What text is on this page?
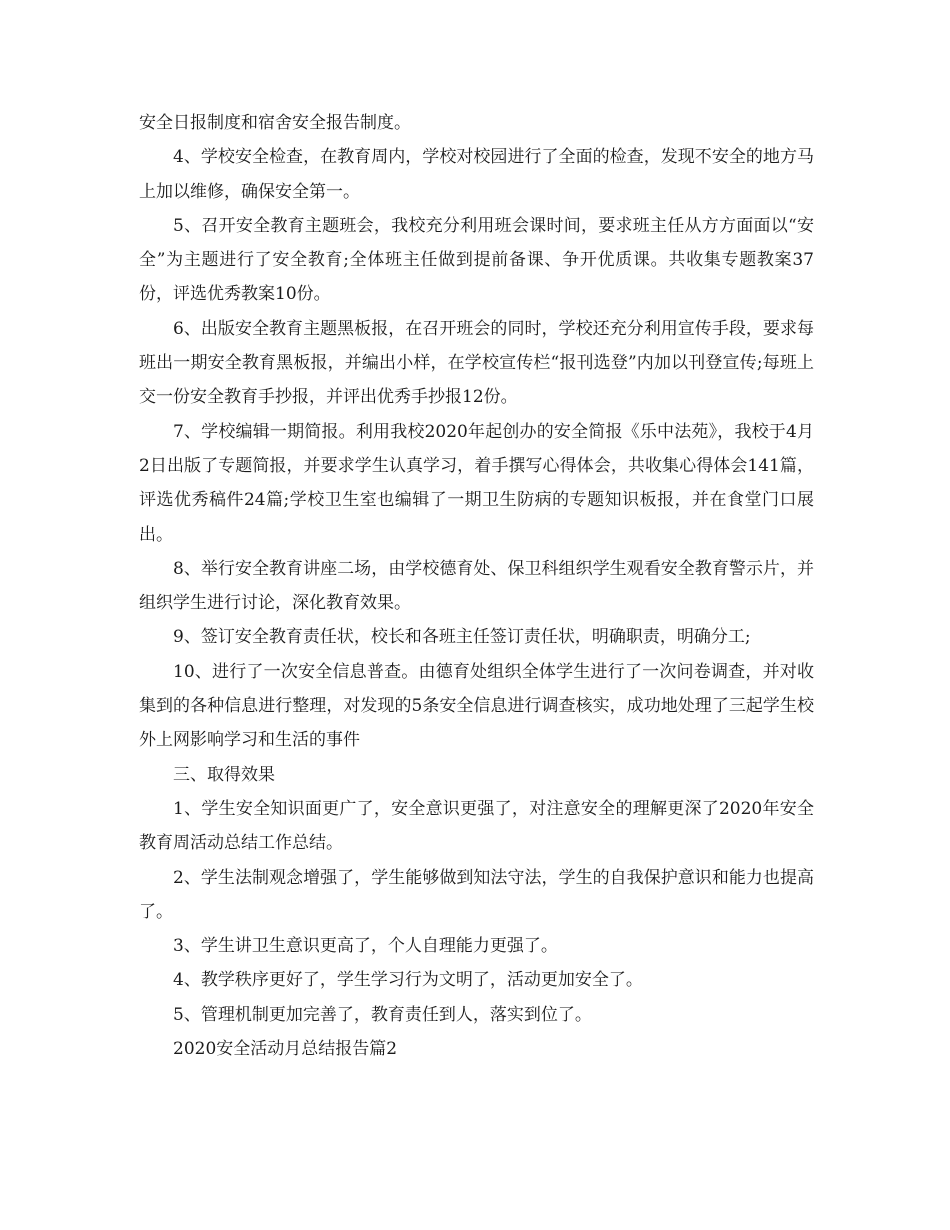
安全日报制度和宿舍安全报告制度。

4、学校安全检查，在教育周内，学校对校园进行了全面的检查，发现不安全的地方马上加以维修，确保安全第一。

5、召开安全教育主题班会，我校充分利用班会课时间，要求班主任从方方面面以“安全”为主题进行了安全教育;全体班主任做到提前备课、争开优质课。共收集专题教案37份，评选优秀教案10份。

6、出版安全教育主题黑板报，在召开班会的同时，学校还充分利用宣传手段，要求每班出一期安全教育黑板报，并编出小样，在学校宣传栏“报刊选登”内加以刊登宣传;每班上交一份安全教育手抄报，并评出优秀手抄报12份。

7、学校编辑一期简报。利用我校2020年起创办的安全简报《乐中法苑》，我校于4月2日出版了专题简报，并要求学生认真学习，着手撰写心得体会，共收集心得体会141篇，评选优秀稿件24篇;学校卫生室也编辑了一期卫生防病的专题知识板报，并在食堂门口展出。

8、举行安全教育讲座二场，由学校德育处、保卫科组织学生观看安全教育警示片，并组织学生进行讨论，深化教育效果。

9、签订安全教育责任状，校长和各班主任签订责任状，明确职责，明确分工;

10、进行了一次安全信息普查。由德育处组织全体学生进行了一次问卷调查，并对收集到的各种信息进行整理，对发现的5条安全信息进行调查核实，成功地处理了三起学生校外上网影响学习和生活的事件

三、取得效果

1、学生安全知识面更广了，安全意识更强了，对注意安全的理解更深了2020年安全教育周活动总结工作总结。

2、学生法制观念增强了，学生能够做到知法守法，学生的自我保护意识和能力也提高了。

3、学生讲卫生意识更高了，个人自理能力更强了。

4、教学秩序更好了，学生学习行为文明了，活动更加安全了。

5、管理机制更加完善了，教育责任到人，落实到位了。

2020安全活动月总结报告篇2
